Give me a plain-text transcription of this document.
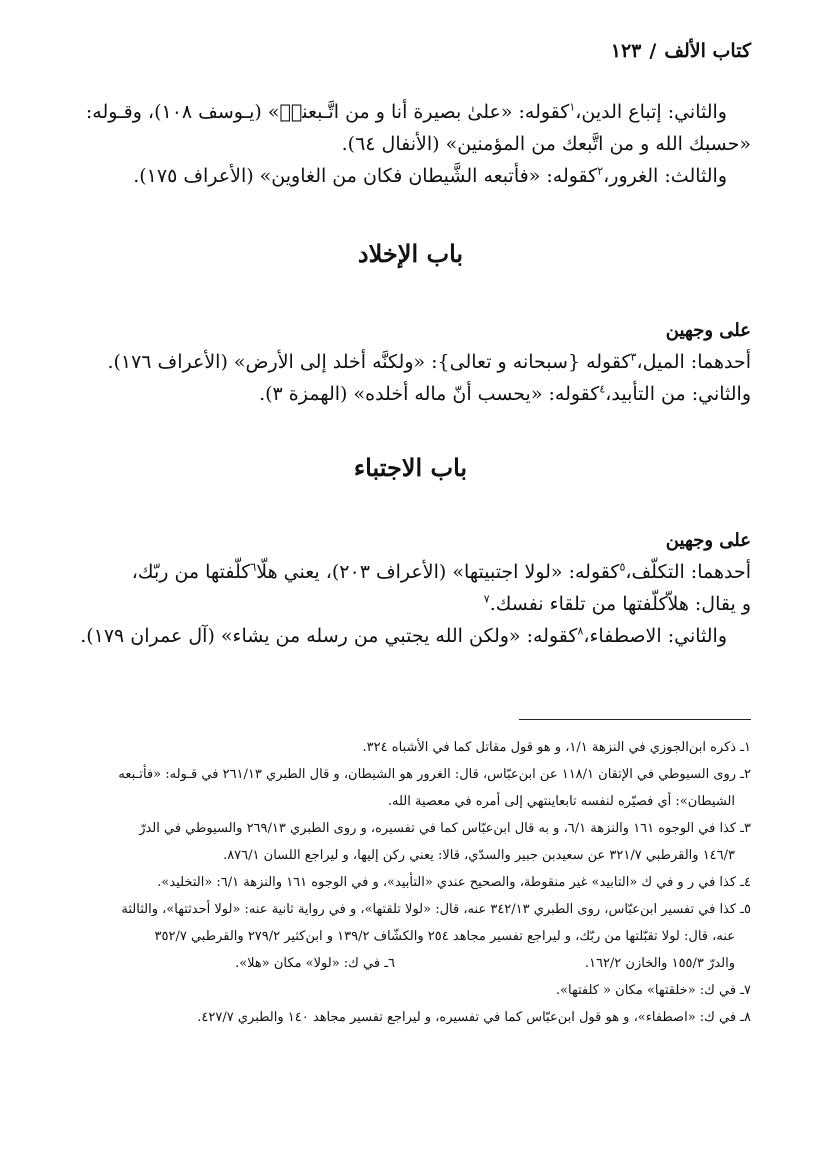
كتاب الألف/١٢٣

والثاني: إتباع الدين،$^١$كقوله: «علىٰ بصيرة أنا و من اتَّـبعنيٖ» (يـوسف ١٠٨)، وقـوله:

«حسبك الله و من اتَّبعك من المؤمنين» (الأنفال ٦٤).

والثالث: الغرور،$^٢$كقوله: «فأتبعه الشَّيطان فكان من الغاوين» (الأعراف ١٧٥).

باب الإخلاد
على وجهين

أحدهما: الميل،$^٣$كقوله {سبحانه و تعالى}: «ولكنَّه أخلد إلى الأرض» (الأعراف ١٧٦).

والثاني: من التأبيد،$^٤$كقوله: «يحسب أنّ ماله أخلده» (الهمزة ٣).

باب الاجتباء
على وجهين

أحدهما: التكلّف،$^٥$كقوله: «لولا اجتبيتها» (الأعراف ٢٠٣)، يعني هلّا$^٦$كلّفتها من ربّك،

و يقال: هلاّكلّفتها من تلقاء نفسك.$^٧$

والثاني: الاصطفاء،$^٨$كقوله: «ولكن الله يجتبي من رسله من يشاء» (آل عمران ١٧٩).

١ـ ذكره ابن‌الجوزي في النزهة ١/١، و هو قول مقاتل كما في الأشباه ٣٢٤.

٢ـ روى السيوطي في الإتقان ١١٨/١ عن ابن‌عبّاس، قال: الغرور هو الشيطان، و قال الطبري ٢٦١/١٣ في قـوله: «فأتـبعه

الشيطان»: أي فصيّره لنفسه تابعاينتهي إلى أمره في معصية الله.

٣ـ كذا في الوجوه ١٦١ والنزهة ٦/١، و به قال ابن‌عبّاس كما في تفسيره، و روى الطبري ٢٦٩/١٣ والسيوطي في الدرّ

١٤٦/٣ والقرطبي ٣٢١/٧ عن سعيدبن جبير والسدّي، قالا: يعني ركن إليها، و ليراجع اللسان ٨٧٦/١.

٤ـ كذا في ر و في ك «التابيد» غير منقوطة، والصحيح عندي «التأبيد»، و في الوجوه ١٦١ والنزهة ٦/١: «التخليد».

٥ـ كذا في تفسير ابن‌عبّاس، روى الطبري ٣٤٢/١٣ عنه، قال: «لولا تلقتها»، و في رواية ثانية عنه: «لولا أحدثتها»، والثالثة

عنه، قال: لولا تقبّلتها من ربّك، و ليراجع تفسير مجاهد ٢٥٤ والكشّاف ١٣٩/٢ و ابن‌كثير ٢٧٩/٢ والقرطبي ٣٥٢/٧

والدرّ ١٥٥/٣ والخازن ١٦٢/٢.

٦ـ في ك: «لولا» مكان «هلا».

٧ـ في ك: «خلقتها» مكان « كلفتها».

٨ـ في ك: «اصطفاء»، و هو قول ابن‌عبّاس كما في تفسيره، و ليراجع تفسير مجاهد ١٤٠ والطبري ٤٢٧/٧.
